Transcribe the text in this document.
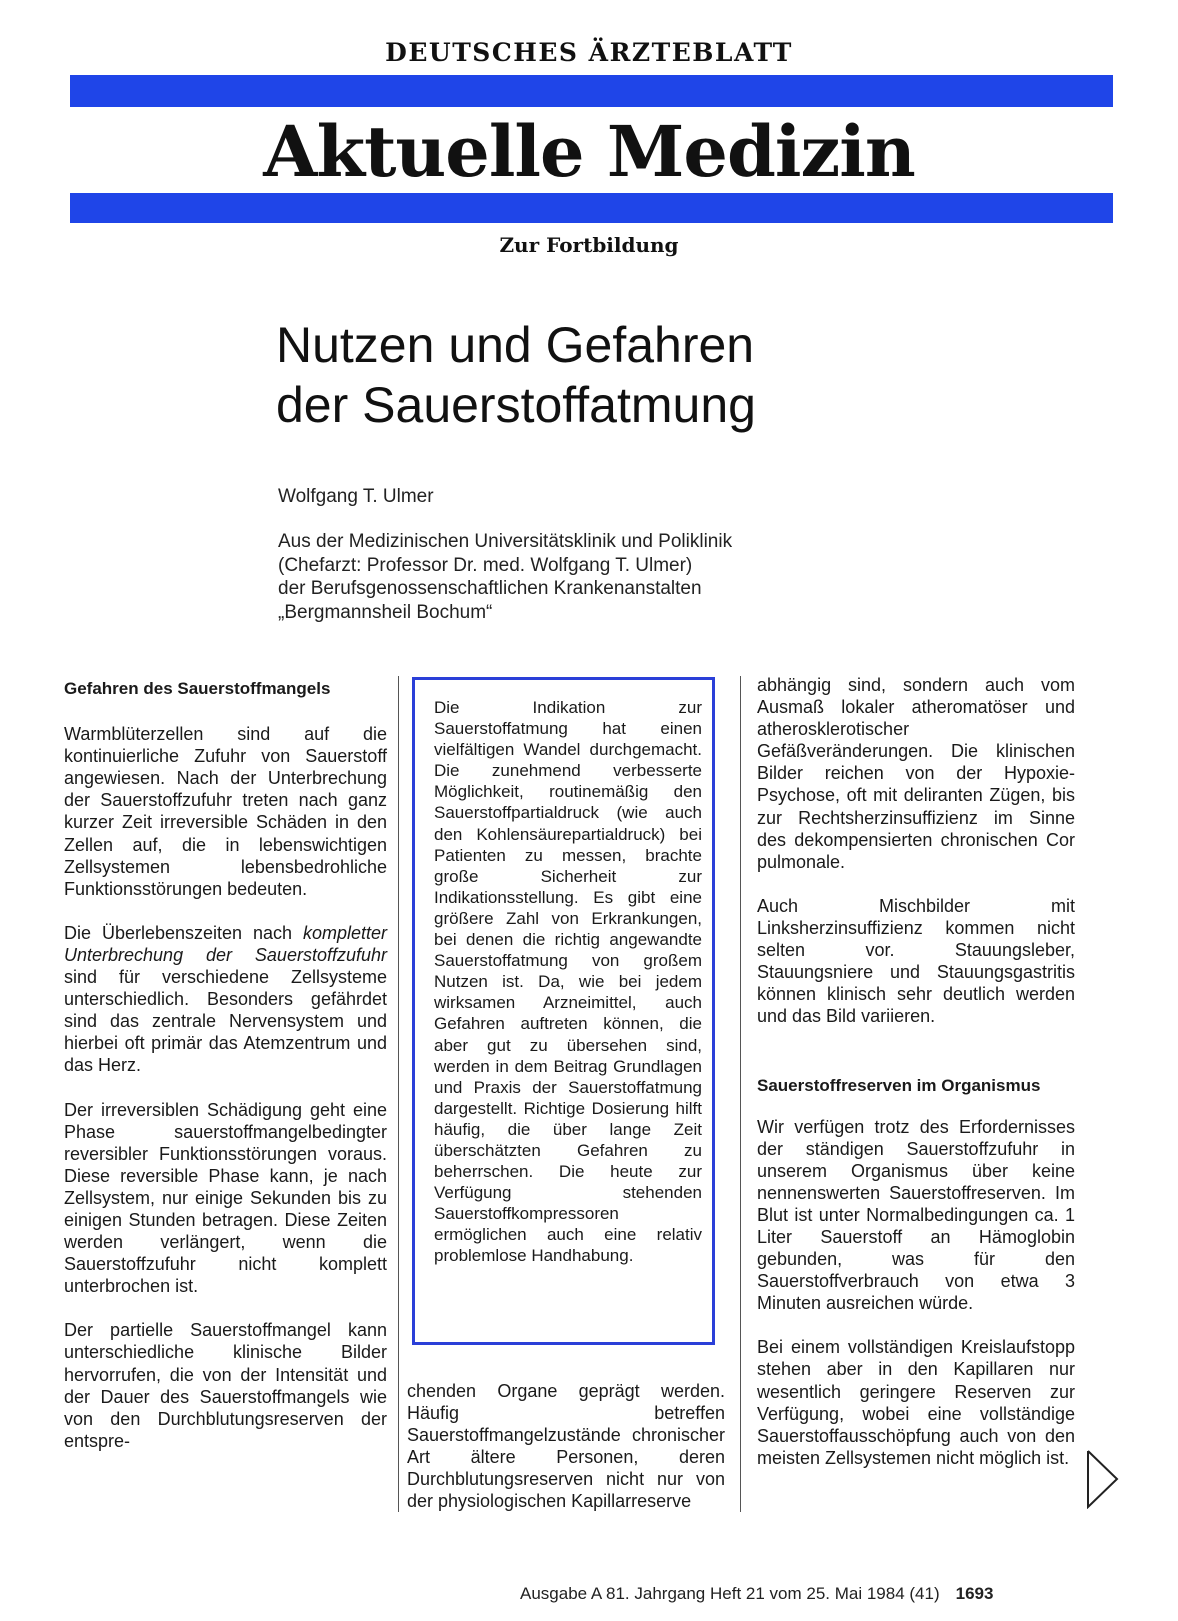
DEUTSCHES ÄRZTEBLATT
Aktuelle Medizin
Zur Fortbildung
Nutzen und Gefahren
der Sauerstoffatmung
Wolfgang T. Ulmer
Aus der Medizinischen Universitätsklinik und Poliklinik
(Chefarzt: Professor Dr. med. Wolfgang T. Ulmer)
der Berufsgenossenschaftlichen Krankenanstalten
„Bergmannsheil Bochum“
Gefahren des Sauerstoffmangels

Warmblüterzellen sind auf die kontinuierliche Zufuhr von Sauerstoff angewiesen. Nach der Unterbrechung der Sauerstoffzufuhr treten nach ganz kurzer Zeit irreversible Schäden in den Zellen auf, die in lebenswichtigen Zellsystemen lebensbedrohliche Funktionsstörungen bedeuten.

Die Überlebenszeiten nach kompletter Unterbrechung der Sauerstoffzufuhr sind für verschiedene Zellsysteme unterschiedlich. Besonders gefährdet sind das zentrale Nervensystem und hierbei oft primär das Atemzentrum und das Herz.

Der irreversiblen Schädigung geht eine Phase sauerstoffmangelbedingter reversibler Funktionsstörungen voraus. Diese reversible Phase kann, je nach Zellsystem, nur einige Sekunden bis zu einigen Stunden betragen. Diese Zeiten werden verlängert, wenn die Sauerstoffzufuhr nicht komplett unterbrochen ist.

Der partielle Sauerstoffmangel kann unterschiedliche klinische Bilder hervorrufen, die von der Intensität und der Dauer des Sauerstoffmangels wie von den Durchblutungsreserven der entspre-

Die Indikation zur Sauerstoffatmung hat einen vielfältigen Wandel durchgemacht. Die zunehmend verbesserte Möglichkeit, routinemäßig den Sauerstoffpartialdruck (wie auch den Kohlensäurepartialdruck) bei Patienten zu messen, brachte große Sicherheit zur Indikationsstellung. Es gibt eine größere Zahl von Erkrankungen, bei denen die richtig angewandte Sauerstoffatmung von großem Nutzen ist. Da, wie bei jedem wirksamen Arzneimittel, auch Gefahren auftreten können, die aber gut zu übersehen sind, werden in dem Beitrag Grundlagen und Praxis der Sauerstoffatmung dargestellt. Richtige Dosierung hilft häufig, die über lange Zeit überschätzten Gefahren zu beherrschen. Die heute zur Verfügung stehenden Sauerstoffkompressoren ermöglichen auch eine relativ problemlose Handhabung.

chenden Organe geprägt werden. Häufig betreffen Sauerstoffmangelzustände chronischer Art ältere Personen, deren Durchblutungsreserven nicht nur von der physiologischen Kapillarreserve

abhängig sind, sondern auch vom Ausmaß lokaler atheromatöser und atherosklerotischer Gefäßveränderungen. Die klinischen Bilder reichen von der Hypoxie-Psychose, oft mit deliranten Zügen, bis zur Rechtsherzinsuffizienz im Sinne des dekompensierten chronischen Cor pulmonale.

Auch Mischbilder mit Linksherzinsuffizienz kommen nicht selten vor. Stauungsleber, Stauungsniere und Stauungsgastritis können klinisch sehr deutlich werden und das Bild variieren.

Sauerstoffreserven im Organismus

Wir verfügen trotz des Erfordernisses der ständigen Sauerstoffzufuhr in unserem Organismus über keine nennenswerten Sauerstoffreserven. Im Blut ist unter Normalbedingungen ca. 1 Liter Sauerstoff an Hämoglobin gebunden, was für den Sauerstoffverbrauch von etwa 3 Minuten ausreichen würde.

Bei einem vollständigen Kreislaufstopp stehen aber in den Kapillaren nur wesentlich geringere Reserven zur Verfügung, wobei eine vollständige Sauerstoffausschöpfung auch von den meisten Zellsystemen nicht möglich ist.

Ausgabe A 81. Jahrgang Heft 21 vom 25. Mai 1984 (41) 1693
